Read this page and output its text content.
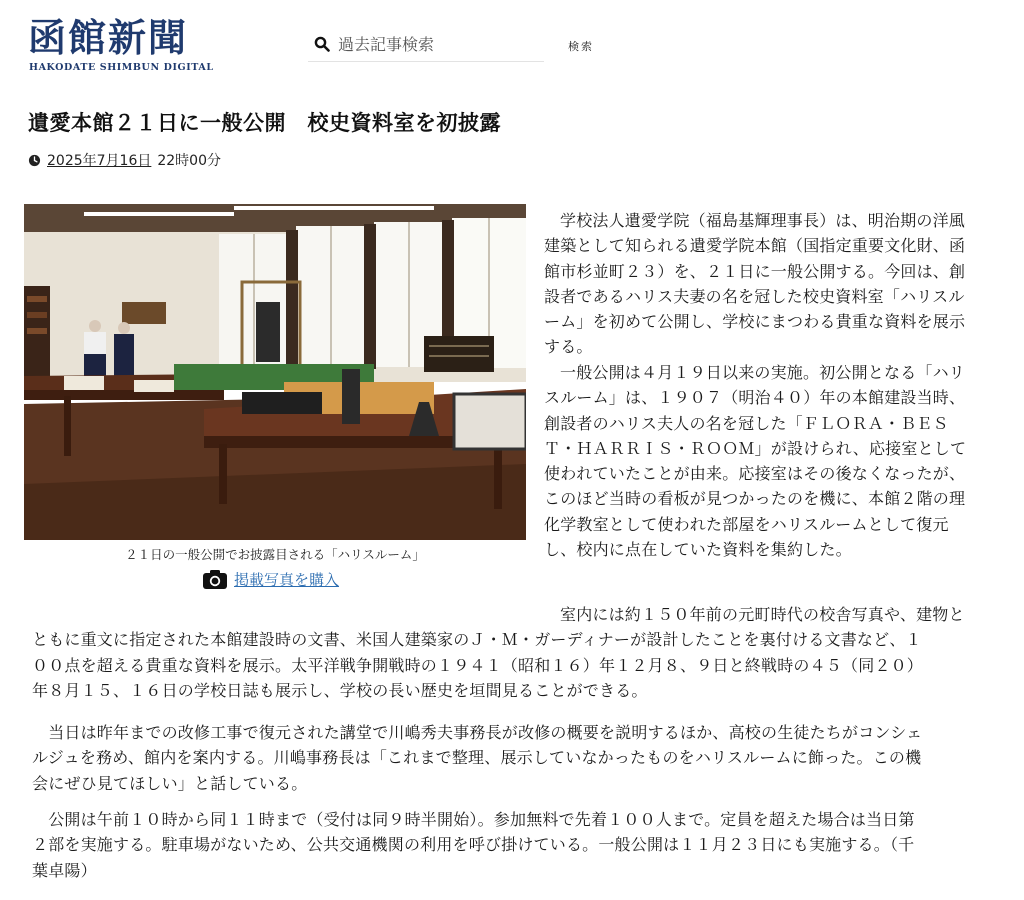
函館新聞
HAKODATE SHIMBUN DIGITAL
過去記事検索
検索
遺愛本館２１日に一般公開　校史資料室を初披露
2025年7月16日 22時00分
２１日の一般公開でお披露目される「ハリスルーム」
掲載写真を購入
学校法人遺愛学院（福島基輝理事長）は、明治期の洋風
建築として知られる遺愛学院本館（国指定重要文化財、函
館市杉並町２３）を、２１日に一般公開する。今回は、創
設者であるハリス夫妻の名を冠した校史資料室「ハリスル
ーム」を初めて公開し、学校にまつわる貴重な資料を展示
する。
一般公開は４月１９日以来の実施。初公開となる「ハリ
スルーム」は、１９０７（明治４０）年の本館建設当時、
創設者のハリス夫人の名を冠した「ＦＬＯＲＡ・ＢＥＳ
Ｔ・ＨＡＲＲＩＳ・ＲＯＯＭ」が設けられ、応接室として
使われていたことが由来。応接室はその後なくなったが、
このほど当時の看板が見つかったのを機に、本館２階の理
化学教室として使われた部屋をハリスルームとして復元
し、校内に点在していた資料を集約した。
室内には約１５０年前の元町時代の校舎写真や、建物と
ともに重文に指定された本館建設時の文書、米国人建築家のＪ・Ｍ・ガーディナーが設計したことを裏付ける文書など、１
００点を超える貴重な資料を展示。太平洋戦争開戦時の１９４１（昭和１６）年１２月８、９日と終戦時の４５（同２０）
年８月１５、１６日の学校日誌も展示し、学校の長い歴史を垣間見ることができる。
　当日は昨年までの改修工事で復元された講堂で川嶋秀夫事務長が改修の概要を説明するほか、高校の生徒たちがコンシェ
ルジュを務め、館内を案内する。川嶋事務長は「これまで整理、展示していなかったものをハリスルームに飾った。この機
会にぜひ見てほしい」と話している。
　公開は午前１０時から同１１時まで（受付は同９時半開始）。参加無料で先着１００人まで。定員を超えた場合は当日第
２部を実施する。駐車場がないため、公共交通機関の利用を呼び掛けている。一般公開は１１月２３日にも実施する。（千
葉卓陽）
